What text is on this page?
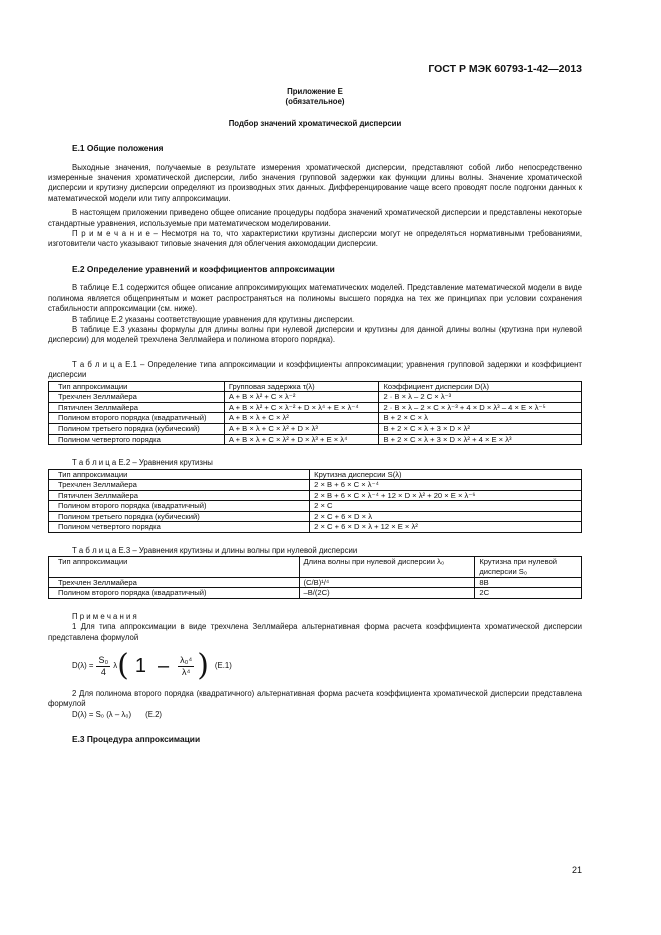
ГОСТ Р МЭК 60793-1-42—2013
Приложение Е
(обязательное)
Подбор значений хроматической дисперсии
Е.1 Общие положения

Выходные значения, получаемые в результате измерения хроматической дисперсии, представляют собой либо непосредственно измеренные значения хроматической дисперсии, либо значения групповой задержки как функции длины волны. Значение хроматической дисперсии и крутизну дисперсии определяют из производных этих данных. Дифференцирование чаще всего проводят после подгонки данных к математической модели или типу аппроксимации.

В настоящем приложении приведено общее описание процедуры подбора значений хроматической дисперсии и представлены некоторые стандартные уравнения, используемые при математическом моделировании.

П р и м е ч а н и е – Несмотря на то, что характеристики крутизны дисперсии могут не определяться нормативными требованиями, изготовители часто указывают типовые значения для облегчения аккомодации дисперсии.

Е.2 Определение уравнений и коэффициентов аппроксимации

В таблице Е.1 содержится общее описание аппроксимирующих математических моделей. Представление математической модели в виде полинома является общепринятым и может распространяться на полиномы высшего порядка на тех же принципах при условии сохранения стабильности аппроксимации (см. ниже).

В таблице Е.2 указаны соответствующие уравнения для крутизны дисперсии.

В таблице Е.3 указаны формулы для длины волны при нулевой дисперсии и крутизны для данной длины волны (крутизна при нулевой дисперсии) для моделей трехчлена Зеллмайера и полинома второго порядка).

Т а б л и ц а Е.1 – Определение типа аппроксимации и коэффициенты аппроксимации; уравнения групповой задержки и коэффициент дисперсии

Тип аппроксимации	Групповая задержка τ(λ)	Коэффициент дисперсии D(λ)
Трехчлен Зеллмайера	A + B × λ² + C × λ⁻²	2 · B × λ – 2 C × λ⁻³
Пятичлен Зеллмайера	A + B × λ² + C × λ⁻² + D × λ⁴ + E × λ⁻⁴	2 · B × λ – 2 × C × λ⁻³ + 4 × D × λ³ – 4 × E × λ⁻⁵
Полином второго порядка (квадратичный)	A + B × λ + C × λ²	B + 2 × C × λ
Полином третьего порядка (кубический)	A + B × λ + C × λ² + D × λ³	B + 2 × C × λ + 3 × D × λ²
Полином четвертого порядка	A + B × λ + C × λ² + D × λ³ + E × λ⁴	B + 2 × C × λ + 3 × D × λ² + 4 × E × λ³

Т а б л и ц а Е.2 – Уравнения крутизны

Тип аппроксимации	Крутизна дисперсии S(λ)
Трехчлен Зеллмайера	2 × B + 6 × C × λ⁻⁴
Пятичлен Зеллмайера	2 × B + 6 × C × λ⁻⁴ + 12 × D × λ² + 20 × E × λ⁻⁶
Полином второго порядка (квадратичный)	2 × C
Полином третьего порядка (кубический)	2 × C + 6 × D × λ
Полином четвертого порядка	2 × C + 6 × D × λ + 12 × E × λ²

Т а б л и ц а Е.3 – Уравнения крутизны и длины волны при нулевой дисперсии

Тип аппроксимации	Длина волны при нулевой дисперсии λ₀	Крутизна при нулевой дисперсии S₀
Трехчлен Зеллмайера	(C/B)¹/⁴	8B
Полином второго порядка (квадратичный)	–B/(2C)	2C

П р и м е ч а н и я

1 Для типа аппроксимации в виде трехчлена Зеллмайера альтернативная форма расчета коэффициента хроматической дисперсии представлена формулой

$D(\lambda) = \frac{\text{S₀}}{4}$ λ ( $1 - \frac{\text{λ₀⁴}}{\text{λ⁴}}$ ) (Е.1)

2 Для полинома второго порядка (квадратичного) альтернативная форма расчета коэффициента хроматической дисперсии представлена формулой

D(λ) = S₀ (λ – λ₀) (Е.2)

Е.3 Процедура аппроксимации
21
